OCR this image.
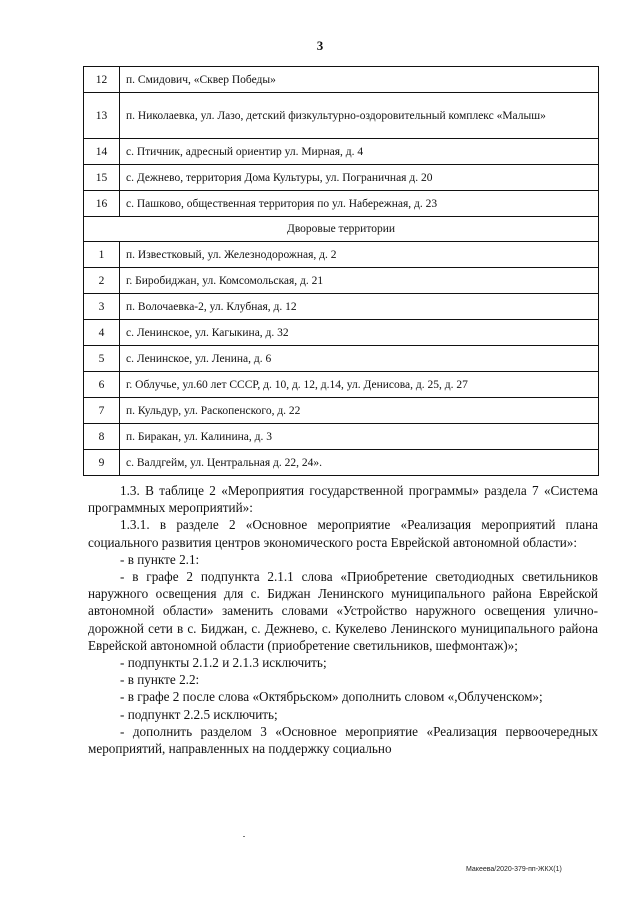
3
12	п. Смидович, «Сквер Победы»
13	п. Николаевка, ул. Лазо, детский физкультурно-оздоровительный комплекс «Малыш»
14	с. Птичник, адресный ориентир ул. Мирная, д. 4
15	с. Дежнево, территория Дома Культуры, ул. Пограничная д. 20
16	с. Пашково, общественная территория по ул. Набережная, д. 23
Дворовые территории	
1	п. Известковый, ул. Железнодорожная, д. 2
2	г. Биробиджан, ул. Комсомольская, д. 21
3	п. Волочаевка-2, ул. Клубная, д. 12
4	с. Ленинское, ул. Кагыкина, д. 32
5	с. Ленинское, ул. Ленина, д. 6
6	г. Облучье, ул.60 лет СССР, д. 10, д. 12, д.14, ул. Денисова, д. 25, д. 27
7	п. Кульдур, ул. Раскопенского, д. 22
8	п. Биракан, ул. Калинина, д. 3
9	с. Валдгейм, ул. Центральная д. 22, 24».

1.3. В таблице 2 «Мероприятия государственной программы» раздела 7 «Система программных мероприятий»:

1.3.1. в разделе 2 «Основное мероприятие «Реализация мероприятий плана социального развития центров экономического роста Еврейской автономной области»:

- в пункте 2.1:

- в графе 2 подпункта 2.1.1 слова «Приобретение светодиодных светильников наружного освещения для с. Биджан Ленинского муниципального района Еврейской автономной области» заменить словами «Устройство наружного освещения улично-дорожной сети в с. Биджан, с. Дежнево, с. Кукелево Ленинского муниципального района Еврейской автономной области (приобретение светильников, шефмонтаж)»;

- подпункты 2.1.2 и 2.1.3 исключить;

- в пункте 2.2:

- в графе 2 после слова «Октябрьском» дополнить словом «,Облученском»;

- подпункт 2.2.5 исключить;

- дополнить разделом 3 «Основное мероприятие «Реализация первоочередных мероприятий, направленных на поддержку социально

Макеева/2020-379-пп-ЖКХ(1)
